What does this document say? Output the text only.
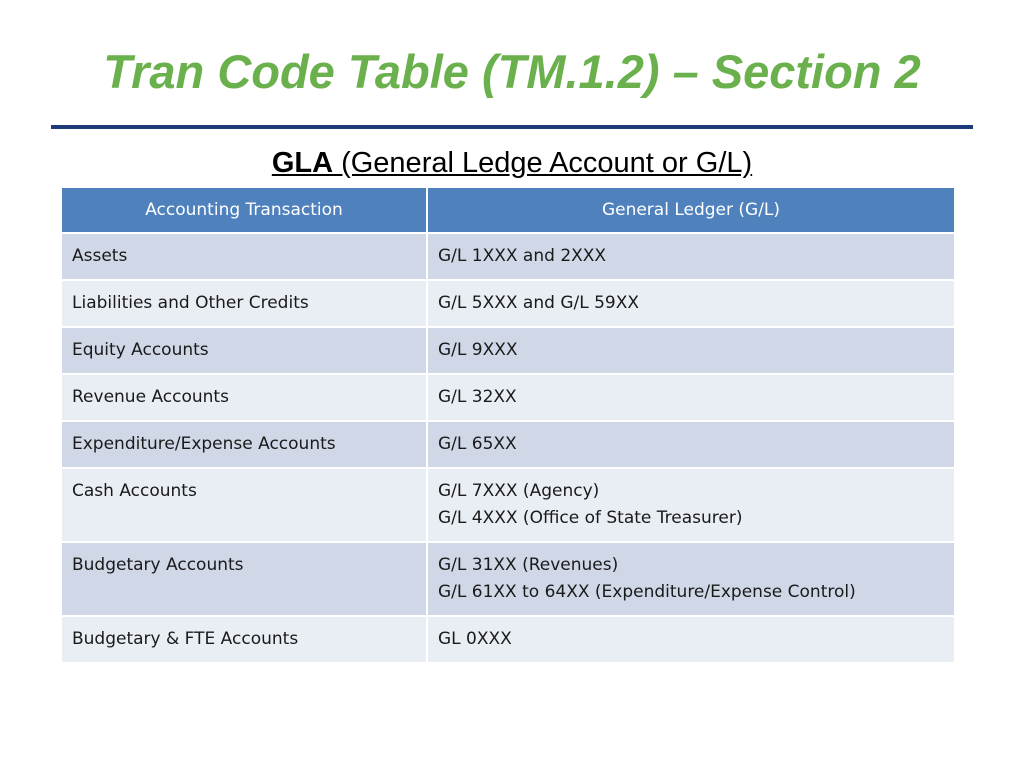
Tran Code Table (TM.1.2) – Section 2
GLA (General Ledge Account or G/L)
Accounting Transaction	General Ledger (G/L)
Assets	G/L 1XXX and 2XXX

Liabilities and Other Credits	G/L 5XXX and G/L 59XX

Equity Accounts	G/L 9XXX

Revenue Accounts	G/L 32XX

Expenditure/Expense Accounts	G/L 65XX

Cash Accounts	G/L 7XXX (Agency)
G/L 4XXX (Office of State Treasurer)

Budgetary Accounts	G/L 31XX (Revenues)
G/L 61XX to 64XX (Expenditure/Expense Control)

Budgetary & FTE Accounts	GL 0XXX
